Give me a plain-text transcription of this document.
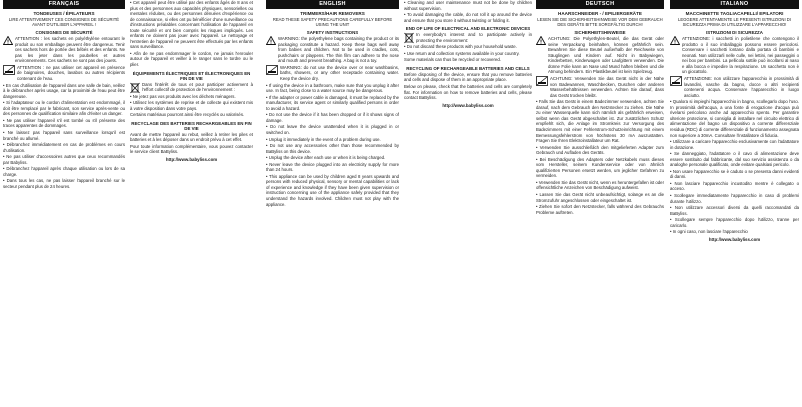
FRANÇAIS
TONDEUSES / ÉPILATEURS
LIRE ATTENTIVEMENT CES CONSIGNES DE SÉCURITÉ AVANT D'UTILISER L'APPAREIL !
CONSIGNES DE SÉCURITÉ
!

ATTENTION : les sachets en polyéthylène entourant le produit ou son emballage peuvent être dangereux. Tenir ces sachets hors de portée des bébés et des enfants. Ne pas les jeter dans les poubelles et autres environnements. Ces sachets ne sont pas des jouets.

ATTENTION : ne pas utiliser cet appareil en présence de baignoires, douches, lavabos ou autres récipients contenant de l'eau.

• En cas d'utilisation de l'appareil dans une salle de bain, veillez à le débrancher après usage, car la proximité de l'eau peut être dangereuse.
• Si l'adaptateur ou le cordon d'alimentation est endommagé, il doit être remplacé par le fabricant, son service après-vente ou des personnes de qualification similaire afin d'éviter un danger.
• Ne pas utiliser l'appareil s'il est tombé ou s'il présente des traces apparentes de dommages.
• Ne laissez pas l'appareil sans surveillance lorsqu'il est branché ou allumé.
• Débranchez immédiatement en cas de problèmes en cours d'utilisation.
• Ne pas utiliser d'accessoires autres que ceux recommandés par Babyliss.
• Débranchez l'appareil après chaque utilisation ou lors de sa charge.
• Dans tous les cas, ne pas laisser l'appareil branché sur le secteur pendant plus de 24 heures.
• Cet appareil peut être utilisé par des enfants âgés de 8 ans et plus et des personnes aux capacités physiques, sensorielles ou mentales réduites, ou des personnes dénuées d'expérience ou de connaissance, si elles ont pu bénéficier d'une surveillance ou d'instructions préalables concernant l'utilisation de l'appareil en toute sécurité et ont bien compris les risques impliqués. Les enfants ne doivent pas jouer avec l'appareil. Le nettoyage et l'entretien de l'appareil ne peuvent être effectués par les enfants sans surveillance.
• Afin de ne pas endommager le cordon, ne jamais l'enrouler autour de l'appareil et veiller à le ranger sans le tordre ou le plier.
ÉQUIPEMENTS ÉLECTRIQUES ET ÉLECTRONIQUES EN FIN DE VIE

Dans l'intérêt de tous et pour participer activement à l'effort collectif de protection de l'environnement :

• Ne jetez pas vos produits avec les déchets ménagers.
• Utilisez les systèmes de reprise et de collecte qui existent mis à votre disposition dans votre pays.

Certains matériaux pourront ainsi être recyclés ou valorisés.

RECYCLAGE DES BATTERIES RECHARGEABLES EN FIN DE VIE

Avant de mettre l'appareil au rebut, veillez à retirer les piles et batteries et à les déposer dans un endroit prévu à cet effet.

Pour toute information complémentaire, vous pouvez contacter le service client BaByliss.

http://www.babyliss.com
ENGLISH
TRIMMERS/HAIR REMOVERS
READ THESE SAFETY PRECAUTIONS CAREFULLY BEFORE USING THE UNIT
SAFETY INSTRUCTIONS
!

WARNING: the polyethylene bags containing the product or its packaging constitute a hazard. Keep these bags well away from babies and children. Not to be used in cradles, cots, pushchairs or playpens. The thin film can adhere to the nose and mouth and prevent breathing. A bag is not a toy.

WARNING: do not use the device over or near washbasins, baths, showers, or any other receptacle containing water. Keep the device dry.

• If using the device in a bathroom, make sure that you unplug it after use. In fact, being close to a water source may be dangerous.
• If the adapter or power cable is damaged, it must be replaced by the manufacturer, its service agent or similarly qualified persons in order to avoid a hazard.
• Do not use the device if it has been dropped or if it shows signs of damage.
• Do not leave the device unattended when it is plugged in or switched on.
• Unplug it immediately in the event of a problem during use.
• Do not use any accessories other than those recommended by BaByliss on this device.
• Unplug the device after each use or when it is being charged.
• Never leave the device plugged into an electricity supply for more than 24 hours.
• This appliance can be used by children aged 8 years upwards and persons with reduced physical, sensory or mental capabilities or lack of experience and knowledge if they have been given supervision or instruction concerning use of the appliance safely provided that they understand the hazards involved. Children must not play with the appliance.
• Cleaning and user maintenance must not be done by children without supervision.
• To avoid damaging the cable, do not roll it up around the device and ensure that you store it without twisting or folding it.
END OF LIFE OF ELECTRICAL AND ELECTRONIC DEVICES

In everybody's interest and to participate actively in protecting the environment:

• Do not discard these products with your household waste.
• Use return and collection systems available in your country.

Some materials can thus be recycled or recovered.

RECYCLING OF RECHARGEABLE BATTERIES AND CELLS

Before disposing of the device, ensure that you remove batteries and cells and dispose of them in an appropriate place.

Below on please, check that the batteries and cells are completely flat. For information on how to remove batteries and cells, please contact BaByliss.

http://www.babyliss.com
DEUTSCH
HAARSCHNEIDER - / EPILIERGERÄTE
LESEN SIE DIE SICHERHEITSHINWEISE VOR DEM GEBRAUCH DES GERÄTS BITTE SORGFÄLTIG DURCH!
SICHERHEITSHINWEISE
!

ACHTUNG: Die Polyethylen-Beutel, die das Gerät oder seine Verpackung beinhalten, können gefährlich sein. Bewahren Sie diese Beutel außerhalb der Reichweite von Säuglingen und Kindern auf. Nicht in Babywiegen, Kinderbetten, Kinderwagen oder Laufgittern verwenden. Die dünne Folie kann an Nase und Mund haften bleiben und die Atmung behindern. Ein Plastikbeutel ist kein Spielzeug.

ACHTUNG: Verwenden Sie das Gerät nicht in der Nähe von Badewannen, Waschbecken, Duschen oder anderen Wasserbehältnissen verwenden. Achten Sie darauf, dass das Gerät trocken bleibt.

• Falls Sie das Gerät in einem Badezimmer verwenden, achten Sie darauf, nach dem Gebrauch den Netzstecker zu ziehen. Die Nähe zu einer Wasserquelle kann sich nämlich als gefährlich erweisen, selbst wenn das Gerät abgeschaltet ist. Zur zusätzlichen Schutz empfiehlt sich, die Anlage im Stromkreis zur Versorgung des Badezimmers mit einer Fehlerstrom-Schutzeinrichtung mit einem Bemessungsfehlerstrom von höchstens 30 mA auszustatten. Fragen Sie Ihren Elektroinstallateur um Rat.
• Verwenden Sie ausschließlich den mitgelieferten Adapter zum Gebrauch und Aufladen des Geräts.
• Bei Beschädigung des Adapters oder Netzkabels muss dieses vom Hersteller, seinem Kundenservice oder von ähnlich qualifizierten Personen ersetzt werden, um jeglicher Gefahren zu vermeiden.
• Verwenden Sie das Gerät nicht, wenn es heruntergefallen ist oder offensichtliche Anzeichen von Beschädigung aufweist.
• Lassen Sie das Gerät nicht unbeaufsichtigt, solange es an die Stromzufuhr angeschlossen oder eingeschaltet ist.
• Ziehen Sie sofort den Netzstecker, falls während des Gebrauchs Probleme auftreten.
ITALIANO
MACCHINETTE TAGLIACAPELLI/ EPILATORI
LEGGERE ATTENTAMENTE LE PRESENTI ISTRUZIONI DI SICUREZZA PRIMA DI UTILIZZARE L'APPARECCHIO!
ISTRUZIONI DI SICUREZZA
!

ATTENZIONE: i sacchetti in polietilene che contengono il prodotto o il suo imballaggio possono essere pericolosi. Conservare i sacchetti lontano dalla portata di bambini e neonati. Non utilizzarli nelle culle, nei lettini, nei passeggini o nei box per bambini. La pellicola sottile può incollarsi al naso e alla bocca e impedire la respirazione. Un sacchetto non è un giocattolo.

ATTENZIONE: non utilizzare l'apparecchio in prossimità di lavandini, vasche da bagno, docce o altri recipienti contenenti acqua. Conservare l'apparecchio in luogo asciutto.

• Qualora si impieghi l'apparecchio in bagno, scollegarlo dopo l'uso. In prossimità dell'acqua, a una fonte di erogazione d'acqua può rivelarsi pericoloso anche ad apparecchio spento. Per garantire ulteriore protezione, si consiglia di installare nel circuito elettrico di alimentazione del bagno un dispositivo a corrente differenziale residua (RDC) di corrente differenziale di funzionamento assegnata non superiore a 30mA. Consultare l'installatore di fiducia.
• Utilizzare a caricare l'apparecchio esclusivamente con l'adattatore in dotazione.
• Se danneggiato, l'adattatore o il cavo di alimentazione deve essere sostituito dal fabbricante, dal suo servizio assistenza o da analoghe personale qualificato, onde evitare qualsiasi pericolo.
• Non usare l'apparecchio se è caduto o se presenta danni evidenti di danni.
• Non lasciare l'apparecchio incustodito mentre è collegato o acceso.
• Scollegare immediatamente l'apparecchio in caso di problemi durante l'utilizzo.
• Non utilizzare accessori diversi da quelli raccomandati da BaByliss.
• Scollegare sempre l'apparecchio dopo l'utilizzo, tranne per caricarlo.
• In ogni caso, non lasciare l'apparecchio
http://www.babyliss.com
